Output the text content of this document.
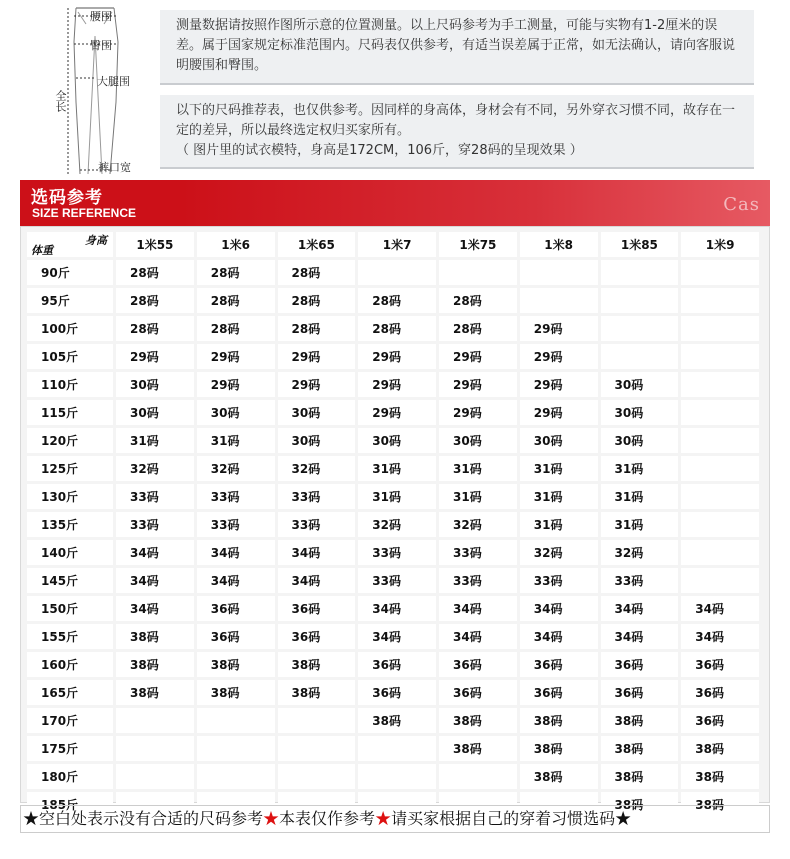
腰围
臀围
大腿围
全长
裤口宽
测量数据请按照作图所示意的位置测量。以上尺码参考为手工测量，可能与实物有1-2厘米的误差。属于国家规定标准范围内。尺码表仅供参考，有适当误差属于正常，如无法确认，请向客服说明腰围和臀围。
以下的尺码推荐表，也仅供参考。因同样的身高体，身材会有不同，另外穿衣习惯不同，故存在一定的差异，所以最终选定权归买家所有。
（ 图片里的试衣模特，身高是172CM，106斤，穿28码的呈现效果 ）
选码参考
SIZE REFERENCE	Cas
身高
体重	1米55	1米6	1米65	1米7	1米75	1米8	1米85	1米9
90斤	28码	28码	28码					
95斤	28码	28码	28码	28码	28码			
100斤	28码	28码	28码	28码	28码	29码		
105斤	29码	29码	29码	29码	29码	29码		
110斤	30码	29码	29码	29码	29码	29码	30码	
115斤	30码	30码	30码	29码	29码	29码	30码	
120斤	31码	31码	30码	30码	30码	30码	30码	
125斤	32码	32码	32码	31码	31码	31码	31码	
130斤	33码	33码	33码	31码	31码	31码	31码	
135斤	33码	33码	33码	32码	32码	31码	31码	
140斤	34码	34码	34码	33码	33码	32码	32码	
145斤	34码	34码	34码	33码	33码	33码	33码	
150斤	34码	36码	36码	34码	34码	34码	34码	34码
155斤	38码	36码	36码	34码	34码	34码	34码	34码
160斤	38码	38码	38码	36码	36码	36码	36码	36码
165斤	38码	38码	38码	36码	36码	36码	36码	36码
170斤				38码	38码	38码	38码	36码
175斤					38码	38码	38码	38码
180斤						38码	38码	38码
185斤							38码	38码
★空白处表示没有合适的尺码参考★本表仅作参考★请买家根据自己的穿着习惯选码★
